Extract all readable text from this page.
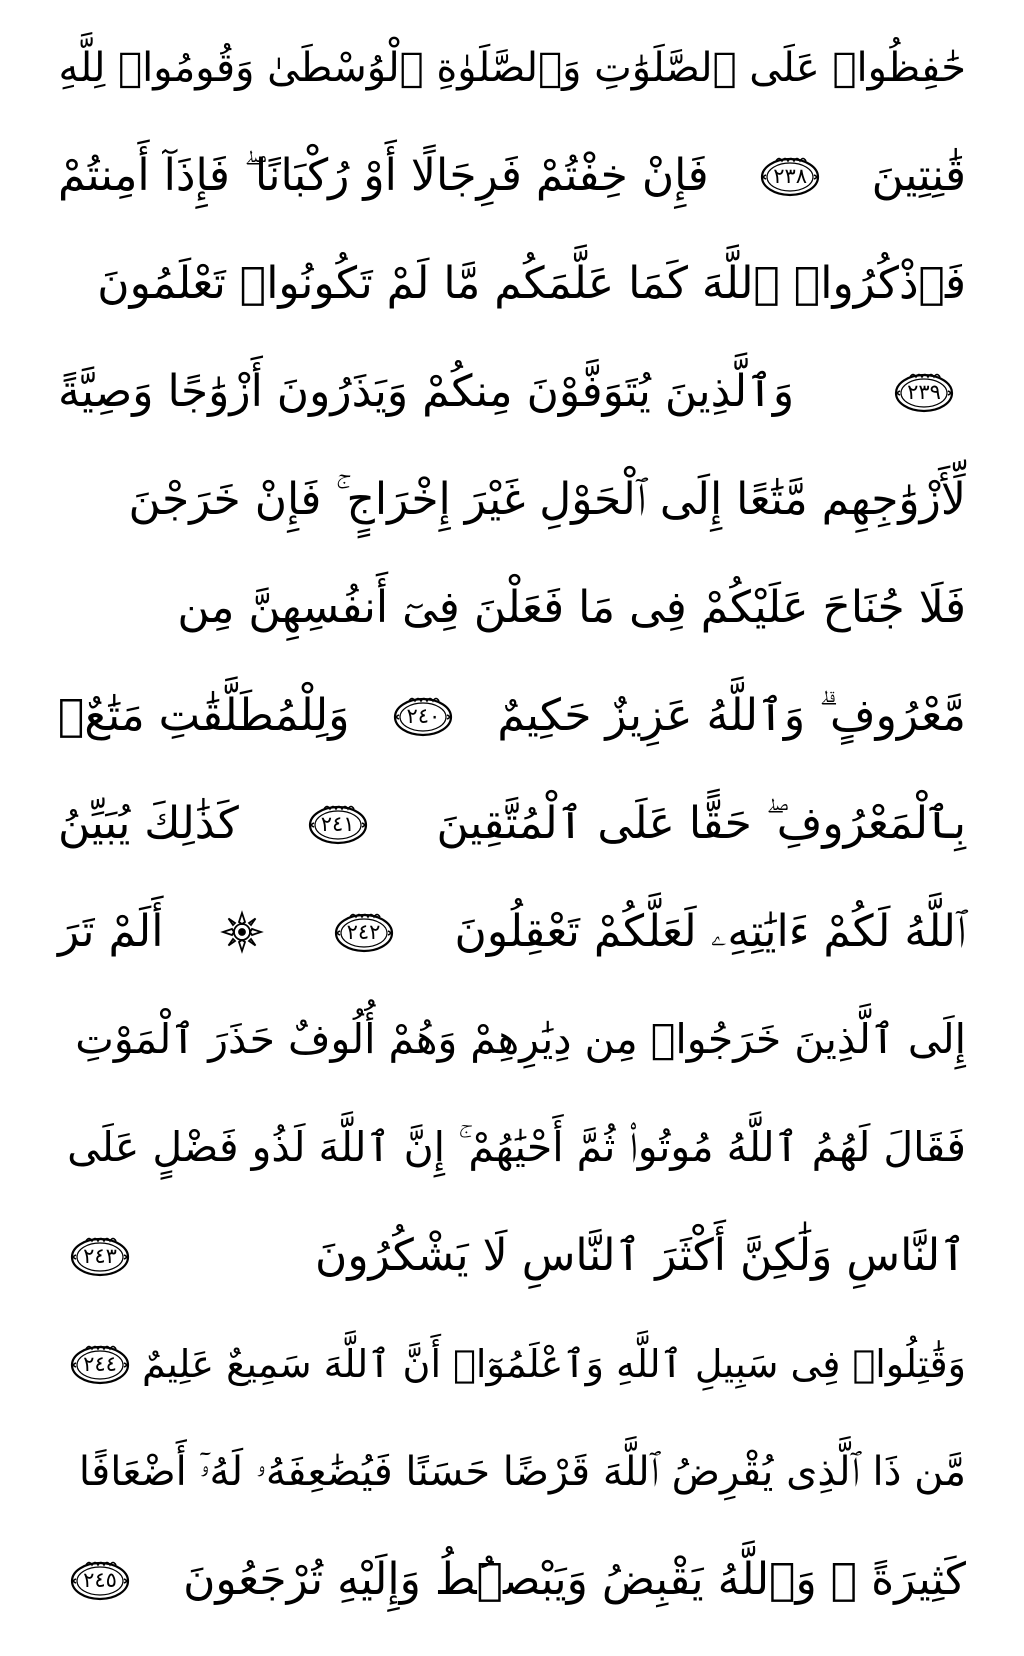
حَٰفِظُوا۟ عَلَى ٱلصَّلَوَٰتِ وَٱلصَّلَوٰةِ ٱلْوُسْطَىٰ وَقُومُوا۟ لِلَّهِ
قَٰنِتِينَ
٢٣٨
فَإِنْ خِفْتُمْ فَرِجَالًا أَوْ رُكْبَانًا ۖ فَإِذَآ أَمِنتُمْ
فَٱذْكُرُوا۟ ٱللَّهَ كَمَا عَلَّمَكُم مَّا لَمْ تَكُونُوا۟ تَعْلَمُونَ
٢٣٩
وَٱلَّذِينَ يُتَوَفَّوْنَ مِنكُمْ وَيَذَرُونَ أَزْوَٰجًا وَصِيَّةً
لِّأَزْوَٰجِهِم مَّتَٰعًا إِلَى ٱلْحَوْلِ غَيْرَ إِخْرَاجٍ ۚ فَإِنْ خَرَجْنَ
فَلَا جُنَاحَ عَلَيْكُمْ فِى مَا فَعَلْنَ فِىٓ أَنفُسِهِنَّ مِن
مَّعْرُوفٍ ۗ وَٱللَّهُ عَزِيزٌ حَكِيمٌ
٢٤٠
وَلِلْمُطَلَّقَٰتِ مَتَٰعٌۢ
بِٱلْمَعْرُوفِ ۖ حَقًّا عَلَى ٱلْمُتَّقِينَ
٢٤١
كَذَٰلِكَ يُبَيِّنُ
ٱللَّهُ لَكُمْ ءَايَٰتِهِۦ لَعَلَّكُمْ تَعْقِلُونَ
٢٤٢
أَلَمْ تَرَ
إِلَى ٱلَّذِينَ خَرَجُوا۟ مِن دِيَٰرِهِمْ وَهُمْ أُلُوفٌ حَذَرَ ٱلْمَوْتِ
فَقَالَ لَهُمُ ٱللَّهُ مُوتُوا۟ ثُمَّ أَحْيَٰهُمْ ۚ إِنَّ ٱللَّهَ لَذُو فَضْلٍ عَلَى
ٱلنَّاسِ وَلَٰكِنَّ أَكْثَرَ ٱلنَّاسِ لَا يَشْكُرُونَ
٢٤٣
وَقَٰتِلُوا۟ فِى سَبِيلِ ٱللَّهِ وَٱعْلَمُوٓا۟ أَنَّ ٱللَّهَ سَمِيعٌ عَلِيمٌ
٢٤٤
مَّن ذَا ٱلَّذِى يُقْرِضُ ٱللَّهَ قَرْضًا حَسَنًا فَيُضَٰعِفَهُۥ لَهُۥٓ أَضْعَافًا
كَثِيرَةً ۚ وَٱللَّهُ يَقْبِضُ وَيَبْصُۜطُ وَإِلَيْهِ تُرْجَعُونَ
٢٤٥
